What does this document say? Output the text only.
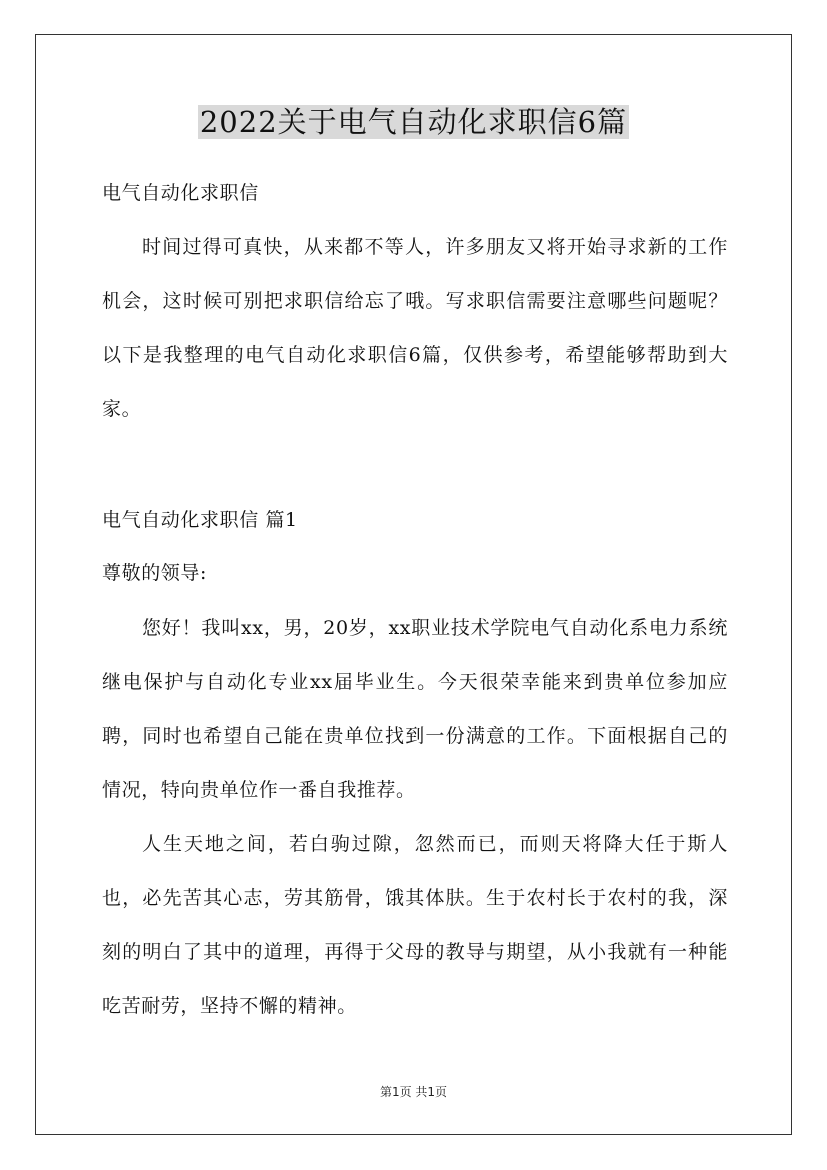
2022关于电气自动化求职信6篇

电气自动化求职信

时间过得可真快，从来都不等人，许多朋友又将开始寻求新的工作机会，这时候可别把求职信给忘了哦。写求职信需要注意哪些问题呢？以下是我整理的电气自动化求职信6篇，仅供参考，希望能够帮助到大家。

电气自动化求职信 篇1

尊敬的领导:

您好！我叫xx，男，20岁，xx职业技术学院电气自动化系电力系统继电保护与自动化专业xx届毕业生。今天很荣幸能来到贵单位参加应聘，同时也希望自己能在贵单位找到一份满意的工作。下面根据自己的情况，特向贵单位作一番自我推荐。

人生天地之间，若白驹过隙，忽然而已，而则天将降大任于斯人也，必先苦其心志，劳其筋骨，饿其体肤。生于农村长于农村的我，深刻的明白了其中的道理，再得于父母的教导与期望，从小我就有一种能吃苦耐劳，坚持不懈的精神。

第1页 共1页
